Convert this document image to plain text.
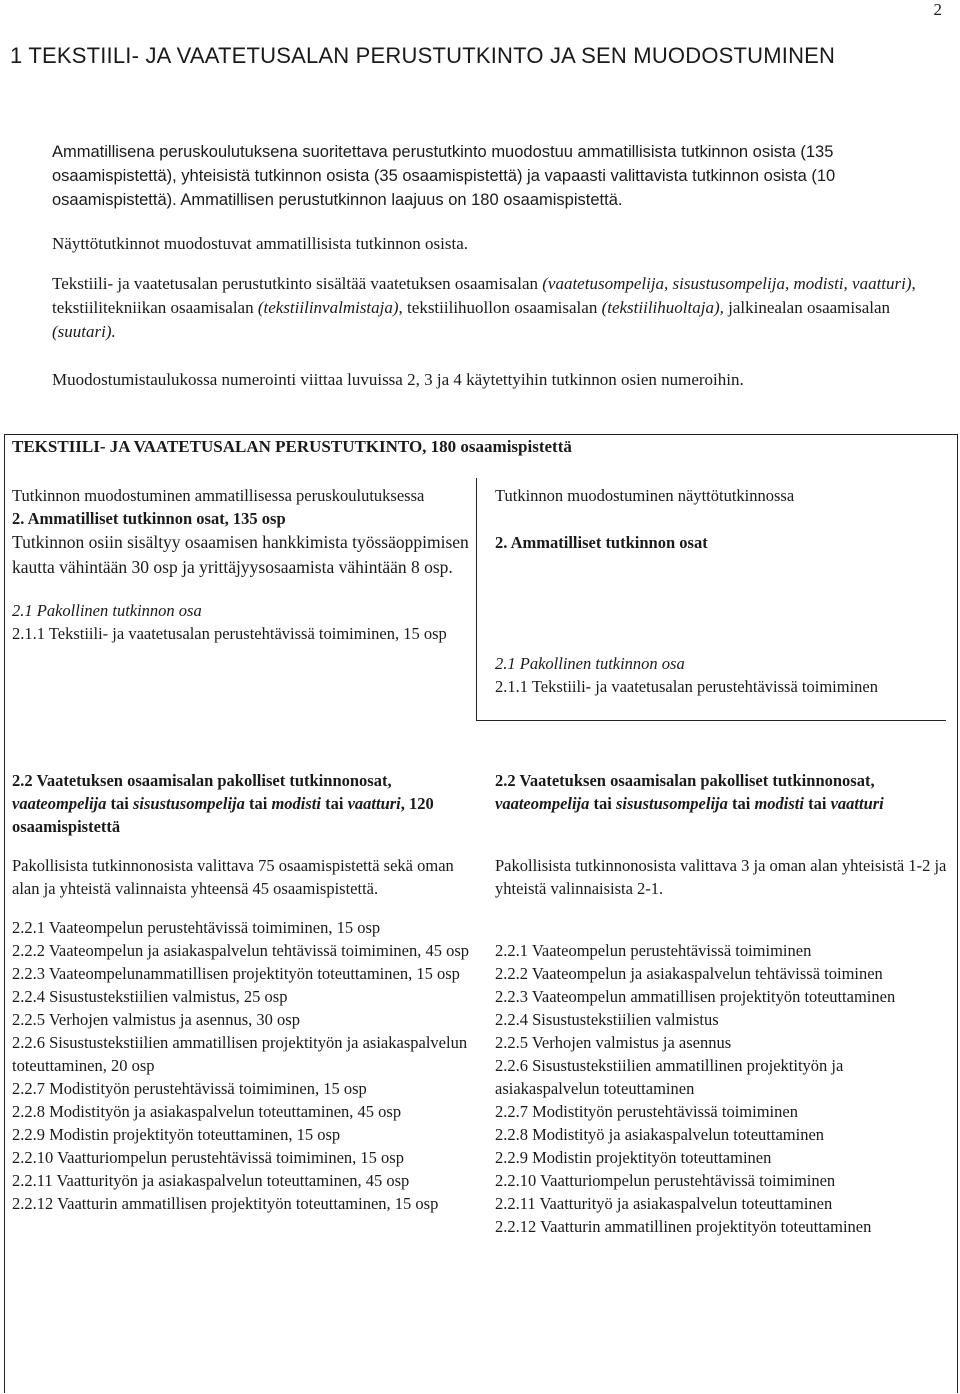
2
1 TEKSTIILI- JA VAATETUSALAN PERUSTUTKINTO JA SEN MUODOSTUMINEN
Ammatillisena peruskoulutuksena suoritettava perustutkinto muodostuu ammatillisista tutkinnon osista (135 osaamispistettä), yhteisistä tutkinnon osista (35 osaamispistettä) ja vapaasti valittavista tutkinnon osista (10 osaamispistettä). Ammatillisen perustutkinnon laajuus on 180 osaamispistettä.
Näyttötutkinnot muodostuvat ammatillisista tutkinnon osista.
Tekstiili- ja vaatetusalan perustutkinto sisältää vaatetuksen osaamisalan (vaatetusompelija, sisustusompelija, modisti, vaatturi), tekstiilitekniikan osaamisalan (tekstiilinvalmistaja), tekstiilihuollon osaamisalan (tekstiilihuoltaja), jalkinealan osaamisalan (suutari).
Muodostumistaulukossa numerointi viittaa luvuissa 2, 3 ja 4 käytettyihin tutkinnon osien numeroihin.
TEKSTIILI- JA VAATETUSALAN PERUSTUTKINTO, 180 osaamispistettä
Tutkinnon muodostuminen ammatillisessa peruskoulutuksessa
2. Ammatilliset tutkinnon osat, 135 osp
Tutkinnon osiin sisältyy osaamisen hankkimista työssäoppimisen kautta vähintään 30 osp ja yrittäjyysosaamista vähintään 8 osp.
2.1 Pakollinen tutkinnon osa
2.1.1 Tekstiili- ja vaatetusalan perustehtävissä toimiminen, 15 osp
Tutkinnon muodostuminen näyttötutkinnossa
2. Ammatilliset tutkinnon osat
2.1 Pakollinen tutkinnon osa
2.1.1 Tekstiili- ja vaatetusalan perustehtävissä toimiminen
2.2 Vaatetuksen osaamisalan pakolliset tutkinnonosat, vaateompelija tai sisustusompelija tai modisti tai vaatturi, 120 osaamispistettä
Pakollisista tutkinnonosista valittava 75 osaamispistettä sekä oman alan ja yhteistä valinnaista yhteensä 45 osaamispistettä.
2.2.1 Vaateompelun perustehtävissä toimiminen, 15 osp
2.2.2 Vaateompelun ja asiakaspalvelun tehtävissä toimiminen, 45 osp
2.2.3 Vaateompelunammatillisen projektityön toteuttaminen, 15 osp
2.2.4 Sisustustekstiilien valmistus, 25 osp
2.2.5 Verhojen valmistus ja asennus, 30 osp
2.2.6 Sisustustekstiilien ammatillisen projektityön ja asiakaspalvelun toteuttaminen, 20 osp
2.2.7 Modistityön perustehtävissä toimiminen, 15 osp
2.2.8 Modistityön ja asiakaspalvelun toteuttaminen, 45 osp
2.2.9 Modistin projektityön toteuttaminen, 15 osp
2.2.10 Vaatturiompelun perustehtävissä toimiminen, 15 osp
2.2.11 Vaatturityön ja asiakaspalvelun toteuttaminen, 45 osp
2.2.12 Vaatturin ammatillisen projektityön toteuttaminen, 15 osp
2.2 Vaatetuksen osaamisalan pakolliset tutkinnonosat, vaateompelija tai sisustusompelija tai modisti tai vaatturi
Pakollisista tutkinnonosista valittava 3 ja oman alan yhteisistä 1-2 ja yhteistä valinnaisista 2-1.
2.2.1 Vaateompelun perustehtävissä toimiminen
2.2.2 Vaateompelun ja asiakaspalvelun tehtävissä toiminen
2.2.3 Vaateompelun ammatillisen projektityön toteuttaminen
2.2.4 Sisustustekstiilien valmistus
2.2.5 Verhojen valmistus ja asennus
2.2.6 Sisustustekstiilien ammatillinen projektityön ja asiakaspalvelun toteuttaminen
2.2.7 Modistityön perustehtävissä toimiminen
2.2.8 Modistityö ja asiakaspalvelun toteuttaminen
2.2.9 Modistin projektityön toteuttaminen
2.2.10 Vaatturiompelun perustehtävissä toimiminen
2.2.11 Vaatturityö ja asiakaspalvelun toteuttaminen
2.2.12 Vaatturin ammatillinen projektityön toteuttaminen
